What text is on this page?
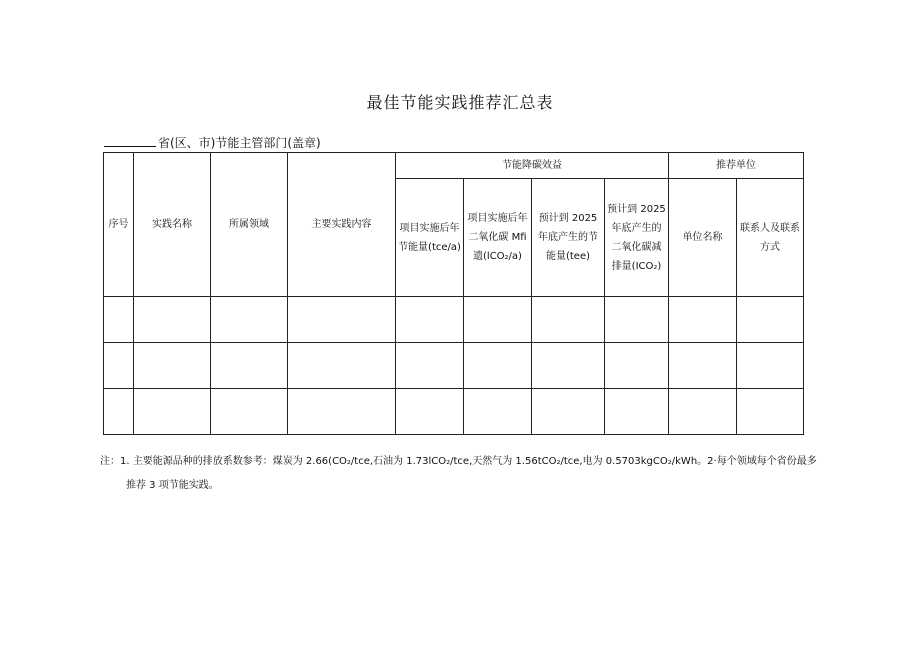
最佳节能实践推荐汇总表
省(区、市)节能主管部门(盖章)
序号	实践名称	所属领域	主要实践内容	节能降碳效益				推荐单位	
				项目实施后年节能量(tce/a)	项目实施后年二氧化碳 Mfi 遗(lCO₂/a)	预计到 2025 年底产生的节能量(tee)	预计到 2025 年底产生的二氧化碳减排量(ICO₂)	单位名称	联系人及联系方式

注：1. 主要能源品种的排放系数参考：煤炭为 2.66(CO₂/tce,石油为 1.73lCO₂/tce,天然气为 1.56tCO₂/tce,电为 0.5703kgCO₂/kWh。2·每个领域每个省份最多
推荐 3 项节能实践。
